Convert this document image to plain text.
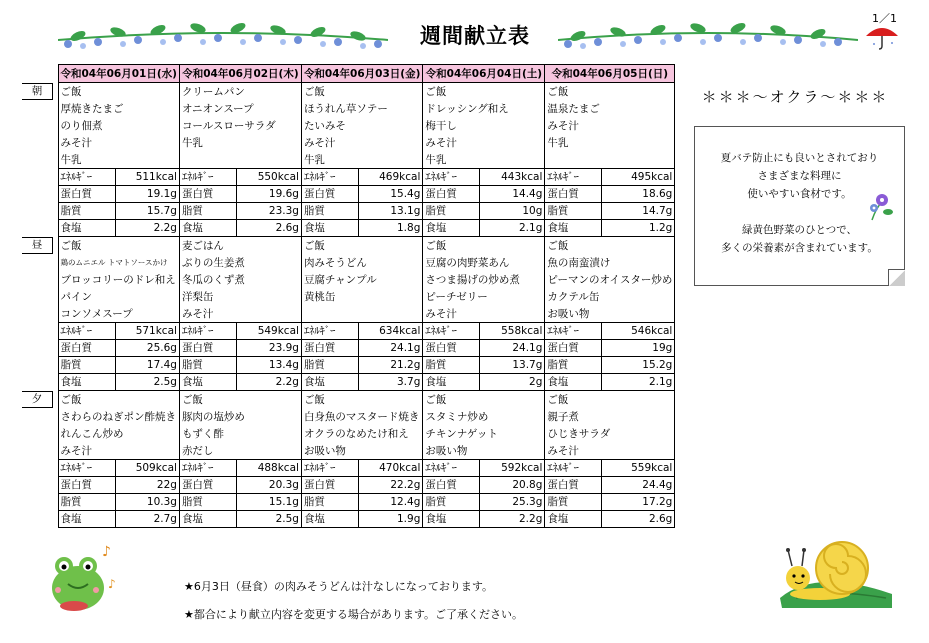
週間献立表
1／1
	令和04年06月01日(水)	令和04年06月02日(木)	令和04年06月03日(金)	令和04年06月04日(土)	令和04年06月05日(日)
朝	ご飯	クリームパン	ご飯	ご飯	ご飯
	厚焼きたまご	オニオンスープ	ほうれん草ソテー	ドレッシング和え	温泉たまご
	のり佃煮	コールスローサラダ	たいみそ	梅干し	みそ汁
	みそ汁	牛乳	みそ汁	みそ汁	牛乳
	牛乳		牛乳	牛乳	

	ｴﾈﾙｷﾞｰ 511kcal	ｴﾈﾙｷﾞｰ 550kcal	ｴﾈﾙｷﾞｰ 469kcal	ｴﾈﾙｷﾞｰ 443kcal	ｴﾈﾙｷﾞｰ 495kcal

	蛋白質 19.1g	蛋白質 19.6g	蛋白質 15.4g	蛋白質 14.4g	蛋白質 18.6g

	脂質 15.7g	脂質 23.3g	脂質 13.1g	脂質 10g	脂質 14.7g

	食塩 2.2g	食塩 2.6g	食塩 1.8g	食塩 2.1g	食塩 1.2g

昼	ご飯	麦ごはん	ご飯	ご飯	ご飯
	鶏のムニエル トマトソースかけ	ぶりの生姜煮	肉みそうどん	豆腐の肉野菜あん	魚の南蛮漬け
	ブロッコリーのドレ和え	冬瓜のくず煮	豆腐チャンプル	さつま揚げの炒め煮	ピーマンのオイスター炒め
	パイン	洋梨缶	黄桃缶	ピーチゼリー	カクテル缶
	コンソメスープ	みそ汁		みそ汁	お吸い物

	ｴﾈﾙｷﾞｰ 571kcal	ｴﾈﾙｷﾞｰ 549kcal	ｴﾈﾙｷﾞｰ 634kcal	ｴﾈﾙｷﾞｰ 558kcal	ｴﾈﾙｷﾞｰ 546kcal

	蛋白質 25.6g	蛋白質 23.9g	蛋白質 24.1g	蛋白質 24.1g	蛋白質 19g

	脂質 17.4g	脂質 13.4g	脂質 21.2g	脂質 13.7g	脂質 15.2g

	食塩 2.5g	食塩 2.2g	食塩 3.7g	食塩 2g	食塩 2.1g

夕	ご飯	ご飯	ご飯	ご飯	ご飯
	さわらのねぎポン酢焼き	豚肉の塩炒め	白身魚のマスタード焼き	スタミナ炒め	親子煮
	れんこん炒め	もずく酢	オクラのなめたけ和え	チキンナゲット	ひじきサラダ
	みそ汁	赤だし	お吸い物	お吸い物	みそ汁

	ｴﾈﾙｷﾞｰ 509kcal	ｴﾈﾙｷﾞｰ 488kcal	ｴﾈﾙｷﾞｰ 470kcal	ｴﾈﾙｷﾞｰ 592kcal	ｴﾈﾙｷﾞｰ 559kcal

	蛋白質 22g	蛋白質 20.3g	蛋白質 22.2g	蛋白質 20.8g	蛋白質 24.4g

	脂質 10.3g	脂質 15.1g	脂質 12.4g	脂質 25.3g	脂質 17.2g

	食塩 2.7g	食塩 2.5g	食塩 1.9g	食塩 2.2g	食塩 2.6g
＊＊＊～オクラ～＊＊＊
夏バテ防止にも良いとされており
さまざまな料理に
使いやすい食材です。
緑黄色野菜のひとつで、
多くの栄養素が含まれています。
★6月3日（昼食）の肉みそうどんは汁なしになっております。
★都合により献立内容を変更する場合があります。ご了承ください。
♪
♪
